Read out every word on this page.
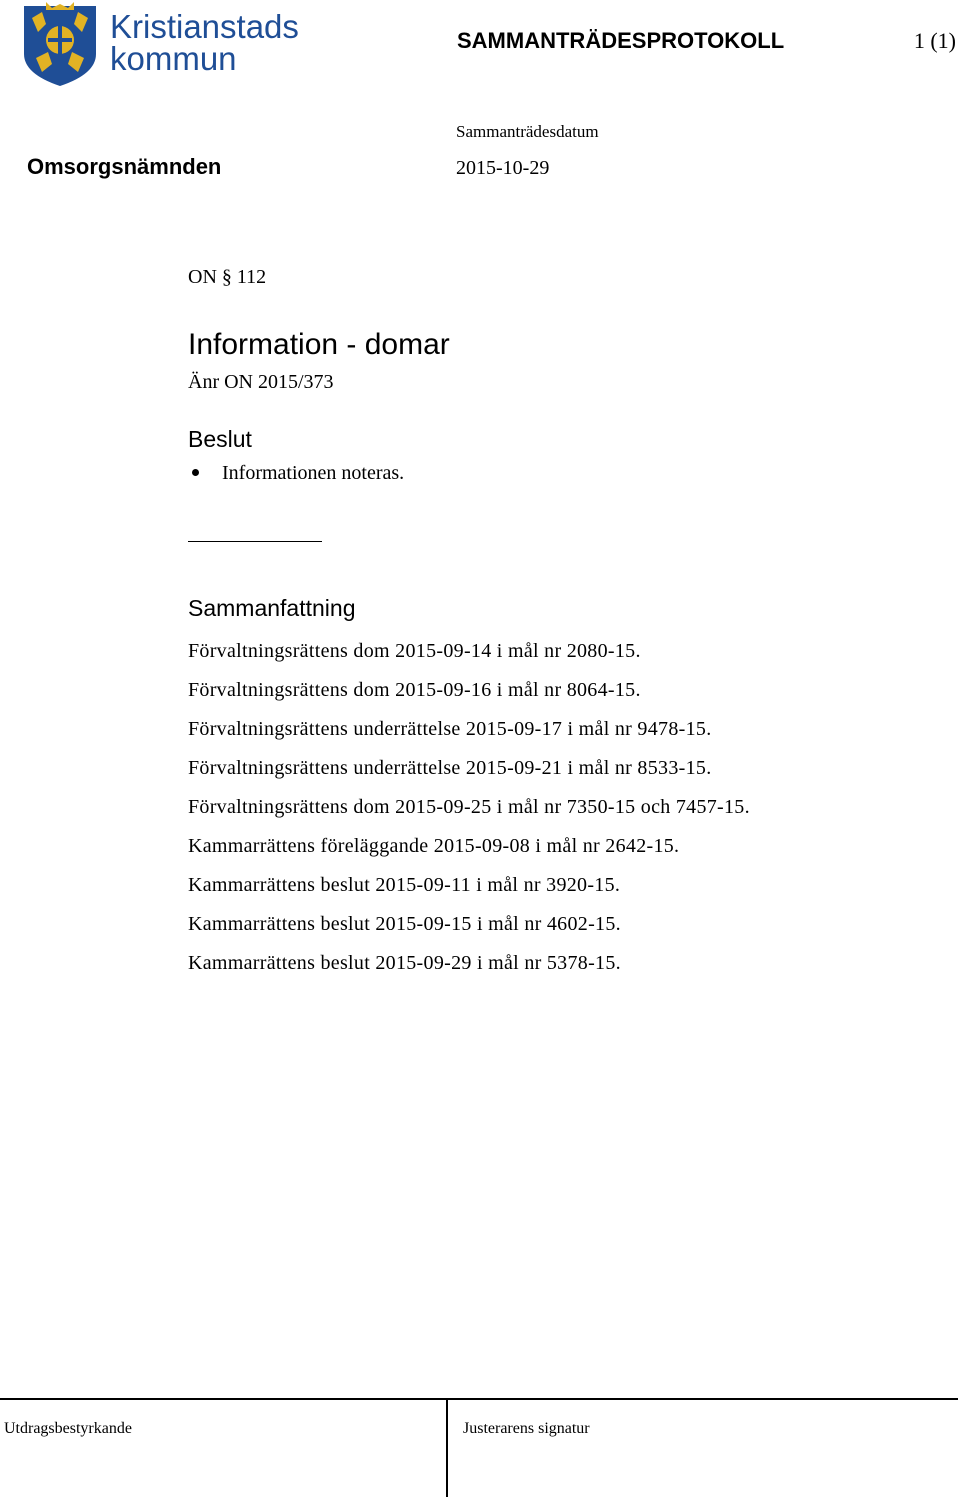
Kristianstads
kommun	SAMMANTRÄDESPROTOKOLL	1 (1)
Omsorgsnämnden
Sammanträdesdatum
2015-10-29
ON § 112
Information - domar
Änr ON 2015/373
Beslut
Informationen noteras.
Sammanfattning
Förvaltningsrättens dom 2015-09-14 i mål nr 2080-15.
Förvaltningsrättens dom 2015-09-16 i mål nr 8064-15.
Förvaltningsrättens underrättelse 2015-09-17 i mål nr 9478-15.
Förvaltningsrättens underrättelse 2015-09-21 i mål nr 8533-15.
Förvaltningsrättens dom 2015-09-25 i mål nr 7350-15 och 7457-15.
Kammarrättens föreläggande 2015-09-08 i mål nr 2642-15.
Kammarrättens beslut 2015-09-11 i mål nr 3920-15.
Kammarrättens beslut 2015-09-15 i mål nr 4602-15.
Kammarrättens beslut 2015-09-29 i mål nr 5378-15.
Utdragsbestyrkande	Justerarens signatur
